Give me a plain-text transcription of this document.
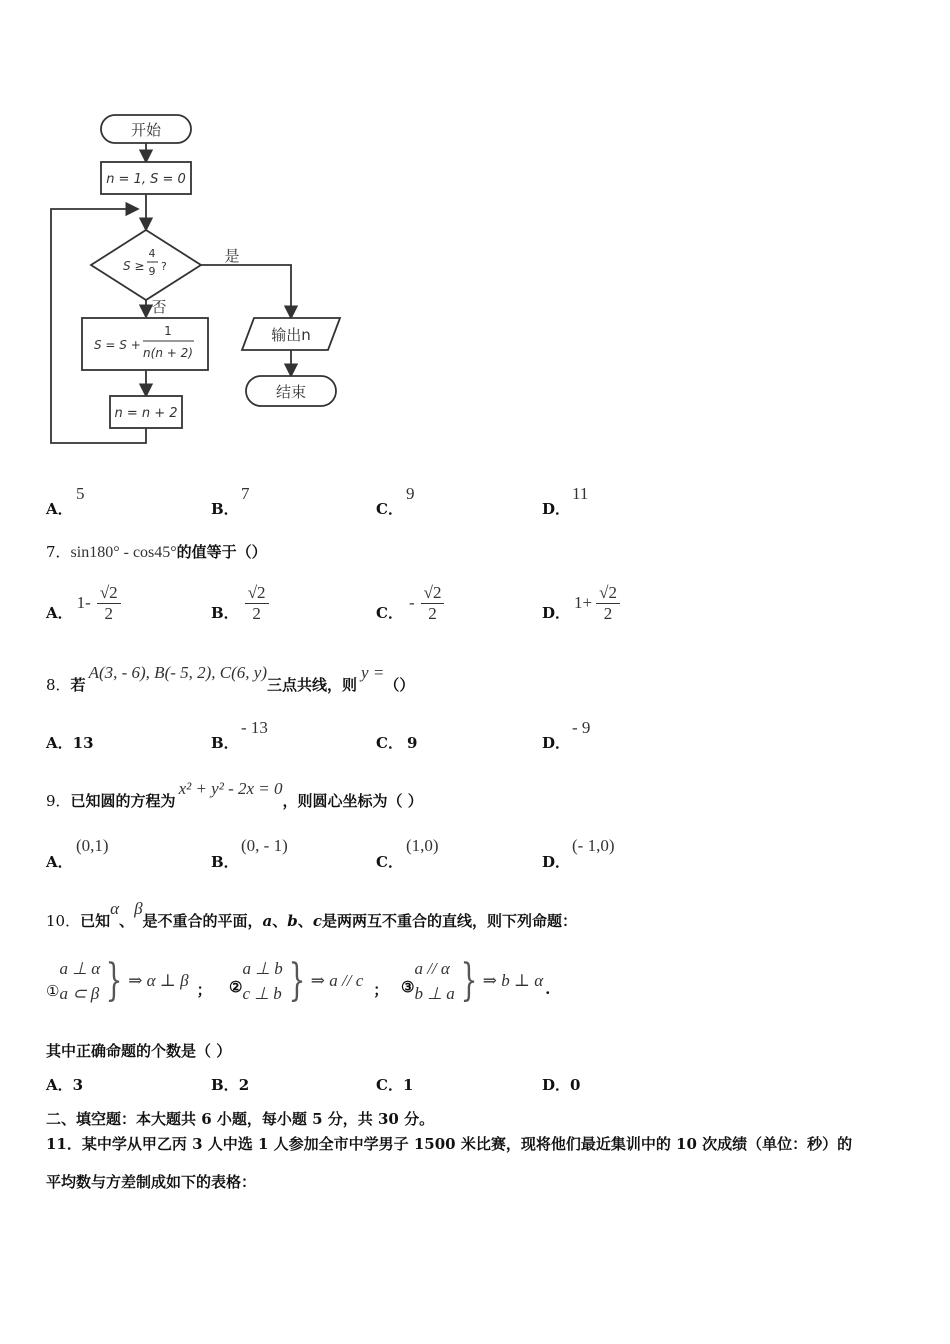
开始
n = 1, S = 0
S ≥
4
9 ?
是
输出n
结束
否
S = S +
1
n(n + 2)
n = n + 2
A．
5
B．
7
C．
9
D．
11
7．sin180° - cos45°的值等于（）
A．
$1- \frac{√2}{2}$	B． $\frac{√2}{2}$	C．
- $\frac{√2}{2}$	D．
$1+ \frac{√2}{2}$
8．若A(3, - 6), B(- 5, 2), C(6, y)三点共线，则y =（）
A．13	B．
- 13
C． 9	D．
- 9
9．已知圆的方程为x² + y² - 2x = 0，则圆心坐标为（ ）
A．
(0,1)
B．
(0, - 1)
C．
(1,0)
D．
(- 1,0)
10．已知α、β是不重合的平面，a、b、c是两两互不重合的直线，则下列命题：
①
a ⊥ α
a ⊂ β } ⇒ α ⊥ β ； ②
a ⊥ b
c ⊥ b } ⇒ a // c ； ③
a // α
b ⊥ a } ⇒ b ⊥ α .
其中正确命题的个数是（ ）
A．3	B．2	C．1	D．0
二、填空题：本大题共 6 小题，每小题 5 分，共 30 分。
11．某中学从甲乙丙 3 人中选 1 人参加全市中学男子 1500 米比赛，现将他们最近集训中的 10 次成绩（单位：秒）的
平均数与方差制成如下的表格：
